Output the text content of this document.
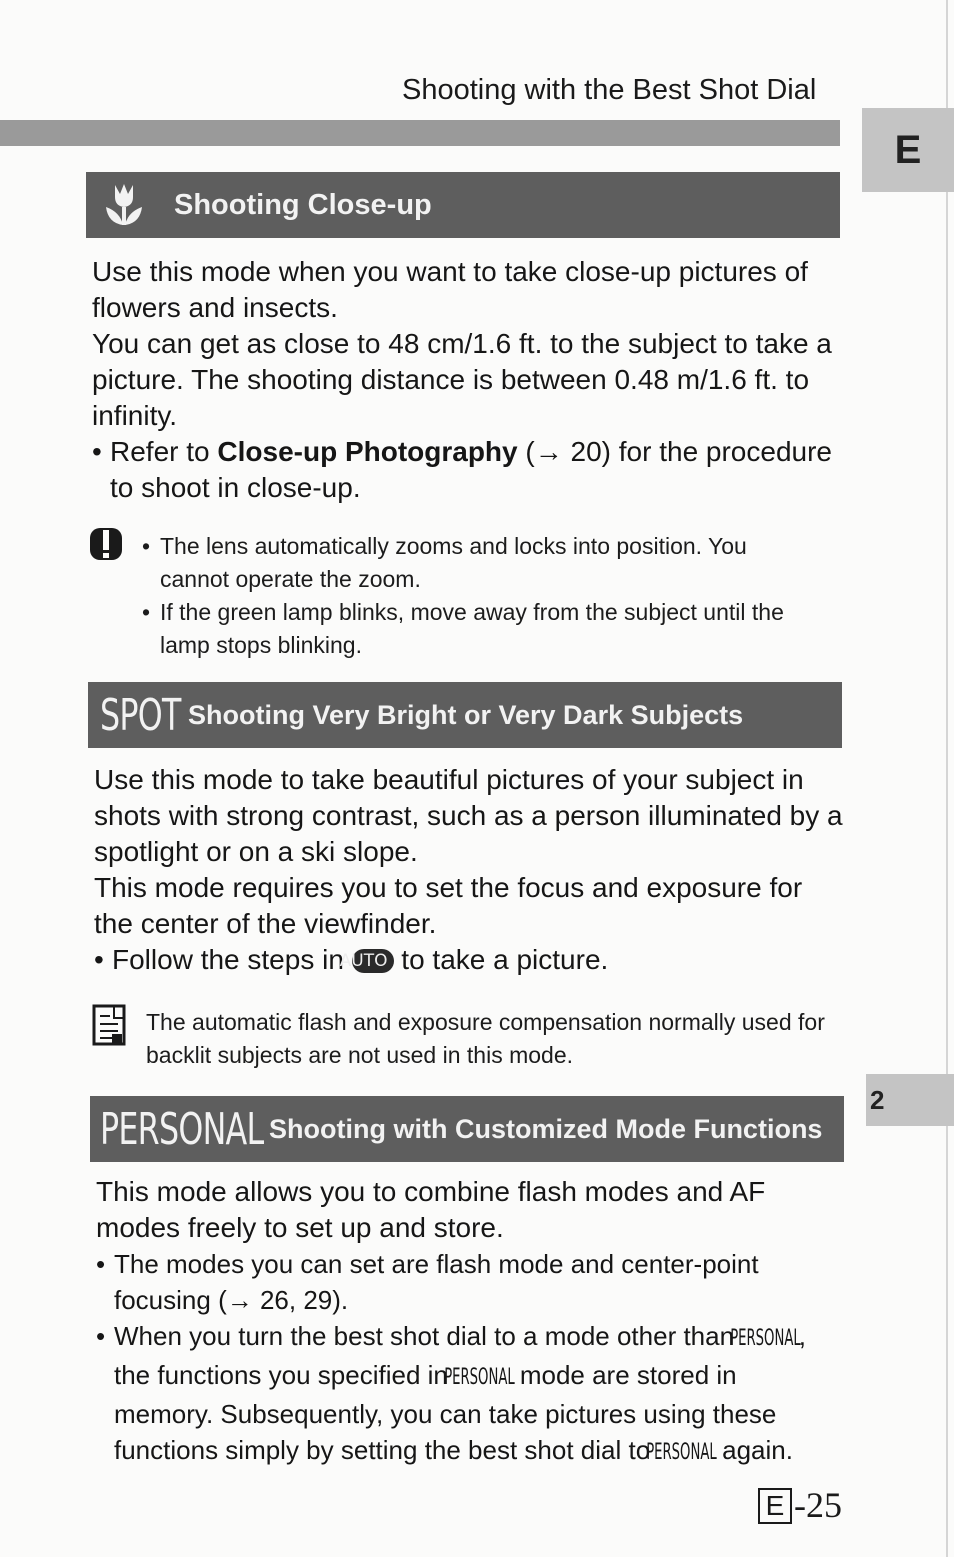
Shooting with the Best Shot Dial
E
2
Shooting Close-up

Use this mode when you want to take close-up pictures of flowers and insects.

You can get as close to 48 cm/1.6 ft. to the subject to take a picture. The shooting distance is between 0.48 m/1.6 ft. to infinity.

• Refer to Close-up Photography (→ 20) for the procedure to shoot in close-up.

• The lens automatically zooms and locks into position. You cannot operate the zoom.

• If the green lamp blinks, move away from the subject until the lamp stops blinking.

SPOT Shooting Very Bright or Very Dark Subjects

Use this mode to take beautiful pictures of your subject in shots with strong contrast, such as a person illuminated by a spotlight or on a ski slope.

This mode requires you to set the focus and exposure for the center of the viewfinder.

• Follow the steps in AUTO to take a picture.

The automatic flash and exposure compensation normally used for backlit subjects are not used in this mode.
PERSONAL Shooting with Customized Mode Functions

This mode allows you to combine flash modes and AF modes freely to set up and store.

• The modes you can set are flash mode and center-point focusing (→ 26, 29).

• When you turn the best shot dial to a mode other than PERSONAL, the functions you specified in PERSONAL mode are stored in memory. Subsequently, you can take pictures using these functions simply by setting the best shot dial to PERSONAL again.

E -25
